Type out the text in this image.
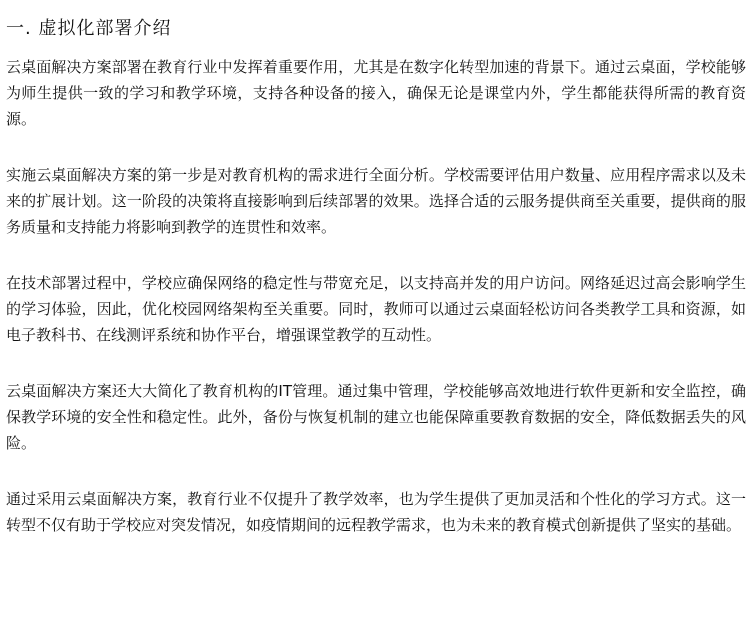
一. 虚拟化部署介绍

云桌面解决方案部署在教育行业中发挥着重要作用，尤其是在数字化转型加速的背景下。通过云桌面，学校能够为师生提供一致的学习和教学环境，支持各种设备的接入，确保无论是课堂内外，学生都能获得所需的教育资源。

实施云桌面解决方案的第一步是对教育机构的需求进行全面分析。学校需要评估用户数量、应用程序需求以及未来的扩展计划。这一阶段的决策将直接影响到后续部署的效果。选择合适的云服务提供商至关重要，提供商的服务质量和支持能力将影响到教学的连贯性和效率。

在技术部署过程中，学校应确保网络的稳定性与带宽充足，以支持高并发的用户访问。网络延迟过高会影响学生的学习体验，因此，优化校园网络架构至关重要。同时，教师可以通过云桌面轻松访问各类教学工具和资源，如电子教科书、在线测评系统和协作平台，增强课堂教学的互动性。

云桌面解决方案还大大简化了教育机构的IT管理。通过集中管理，学校能够高效地进行软件更新和安全监控，确保教学环境的安全性和稳定性。此外，备份与恢复机制的建立也能保障重要教育数据的安全，降低数据丢失的风险。

通过采用云桌面解决方案，教育行业不仅提升了教学效率，也为学生提供了更加灵活和个性化的学习方式。这一转型不仅有助于学校应对突发情况，如疫情期间的远程教学需求，也为未来的教育模式创新提供了坚实的基础。
